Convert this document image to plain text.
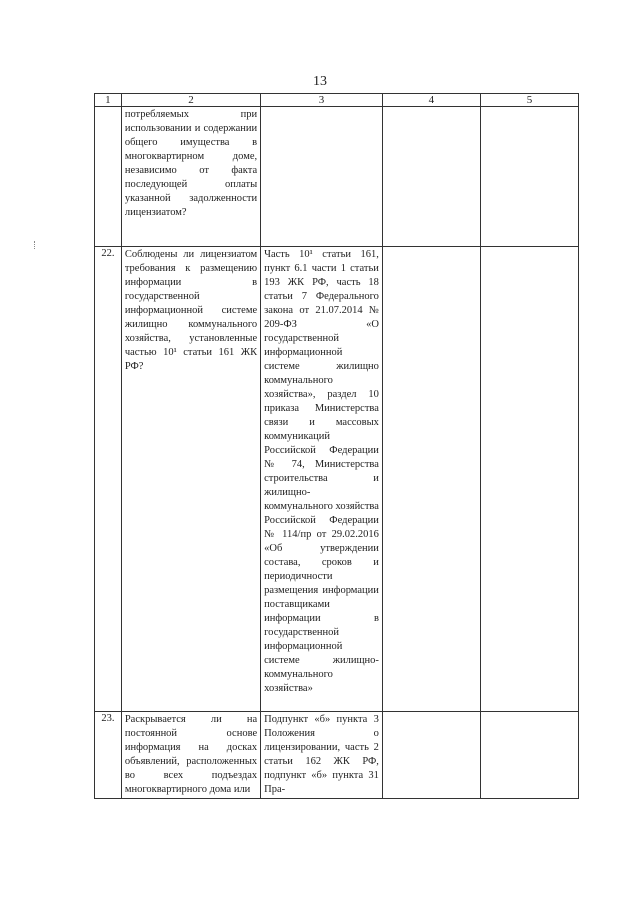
13
1	2	3	4	5
	потребляемых при использовании и содержании общего имущества в многоквартирном доме, независимо от факта последующей оплаты указанной задолженности лицензиатом?			
22.	Соблюдены ли лицензиатом требования к размещению информации в государственной информационной системе жилищно коммунального хозяйства, установленные частью 10¹ статьи 161 ЖК РФ?	Часть 10¹ статьи 161, пункт 6.1 части 1 статьи 193 ЖК РФ, часть 18 статьи 7 Федерального закона от 21.07.2014 № 209-ФЗ «О государственной информационной системе жилищно коммунального хозяйства», раздел 10 приказа Министерства связи и массовых коммуникаций Российской Федерации № 74, Министерства строительства и жилищно-коммунального хозяйства Российской Федерации № 114/пр от 29.02.2016 «Об утверждении состава, сроков и периодичности размещения информации поставщиками информации в государственной информационной системе жилищно-коммунального хозяйства»		
23.	Раскрывается ли на постоянной основе информация на досках объявлений, расположенных во всех подъездах многоквартирного дома или	Подпункт «б» пункта 3 Положения о лицензировании, часть 2 статьи 162 ЖК РФ, подпункт «б» пункта 31 Пра-		
